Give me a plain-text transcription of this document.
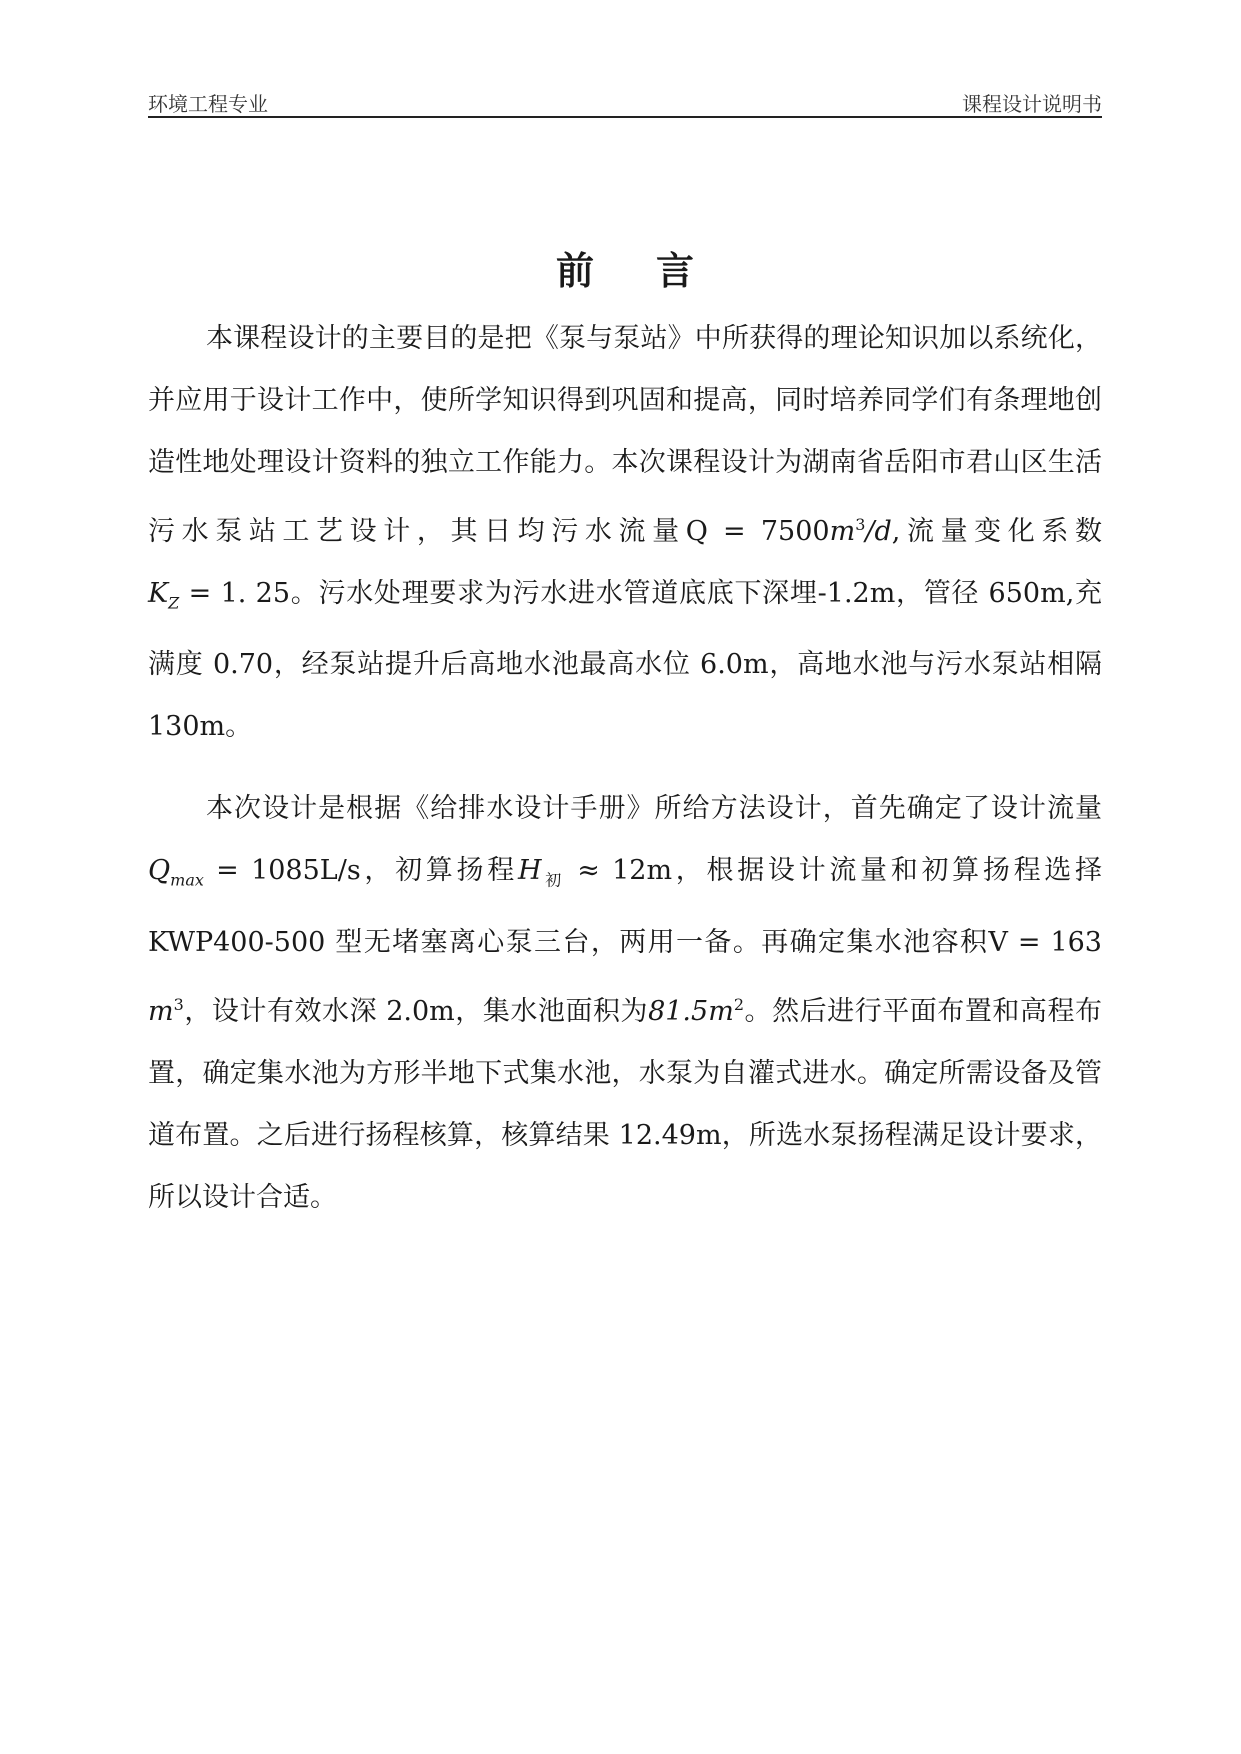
环境工程专业	课程设计说明书
前言

本课程设计的主要目的是把《泵与泵站》中所获得的理论知识加以系统化，并应用于设计工作中，使所学知识得到巩固和提高，同时培养同学们有条理地创造性地处理设计资料的独立工作能力。本次课程设计为湖南省岳阳市君山区生活污水泵站工艺设计，其日均污水流量$Q = 7500m^3/d$,流量变化系数$K_Z = 1$. 25。污水处理要求为污水进水管道底底下深埋-1.2m，管径 650m,充满度 0.70，经泵站提升后高地水池最高水位 6.0m，高地水池与污水泵站相隔 130m。

本次设计是根据《给排水设计手册》所给方法设计，首先确定了设计流量$Q_{max} = 1085L/s$，初算扬程$H_初 \approx 12m$，根据设计流量和初算扬程选择 KWP400-500 型无堵塞离心泵三台，两用一备。再确定集水池容积V = 163 $m^3$，设计有效水深 2.0m，集水池面积为$81.5m^2$。然后进行平面布置和高程布置，确定集水池为方形半地下式集水池，水泵为自灌式进水。确定所需设备及管道布置。之后进行扬程核算，核算结果 12.49m，所选水泵扬程满足设计要求，所以设计合适。
